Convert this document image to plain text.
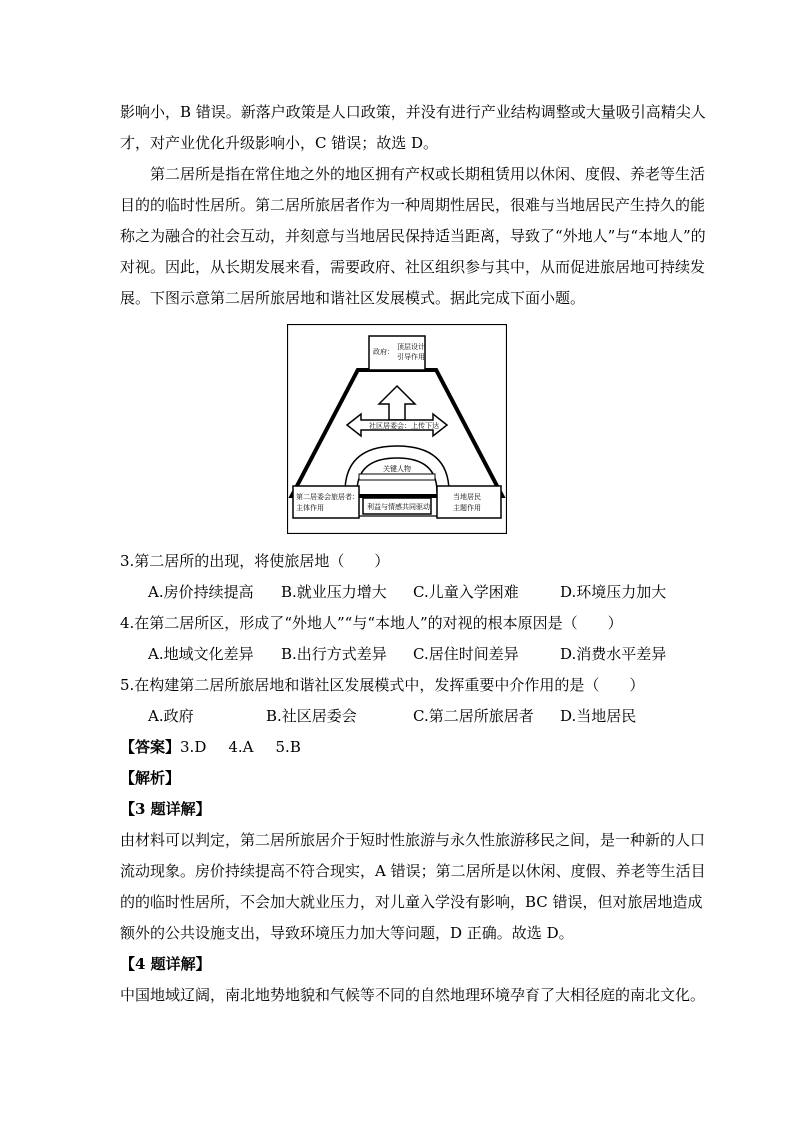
影响小，B 错误。新落户政策是人口政策，并没有进行产业结构调整或大量吸引高精尖人
才，对产业优化升级影响小，C 错误；故选 D。
第二居所是指在常住地之外的地区拥有产权或长期租赁用以休闲、度假、养老等生活
目的的临时性居所。第二居所旅居者作为一种周期性居民，很难与当地居民产生持久的能
称之为融合的社会互动，并刻意与当地居民保持适当距离，导致了“外地人”与“本地人”的
对视。因此，从长期发展来看，需要政府、社区组织参与其中，从而促进旅居地可持续发
展。下图示意第二居所旅居地和谐社区发展模式。据此完成下面小题。
政府：
顶层设计
引导作用
社区居委会：上传下达
关键人物
利益与情感共同驱动
第二居委会旅居者：
主体作用
当地居民
主题作用
3.第二居所的出现，将使旅居地（　　）
A.房价持续提高 B.就业压力增大 C.儿童入学困难	D.环境压力加大
4.在第二居所区，形成了“外地人”“与“本地人”的对视的根本原因是（　　）
A.地域文化差异 B.出行方式差异 C.居住时间差异	D.消费水平差异
5.在构建第二居所旅居地和谐社区发展模式中，发挥重要中介作用的是（　　）
A.政府	B.社区居委会	C.第二居所旅居者 D.当地居民
【答案】3.D 4.A 5.B
【解析】
【3 题详解】
由材料可以判定，第二居所旅居介于短时性旅游与永久性旅游移民之间，是一种新的人口
流动现象。房价持续提高不符合现实，A 错误；第二居所是以休闲、度假、养老等生活目
的的临时性居所，不会加大就业压力，对儿童入学没有影响，BC 错误，但对旅居地造成
额外的公共设施支出，导致环境压力加大等问题，D 正确。故选 D。
【4 题详解】
中国地域辽阔，南北地势地貌和气候等不同的自然地理环境孕育了大相径庭的南北文化。
